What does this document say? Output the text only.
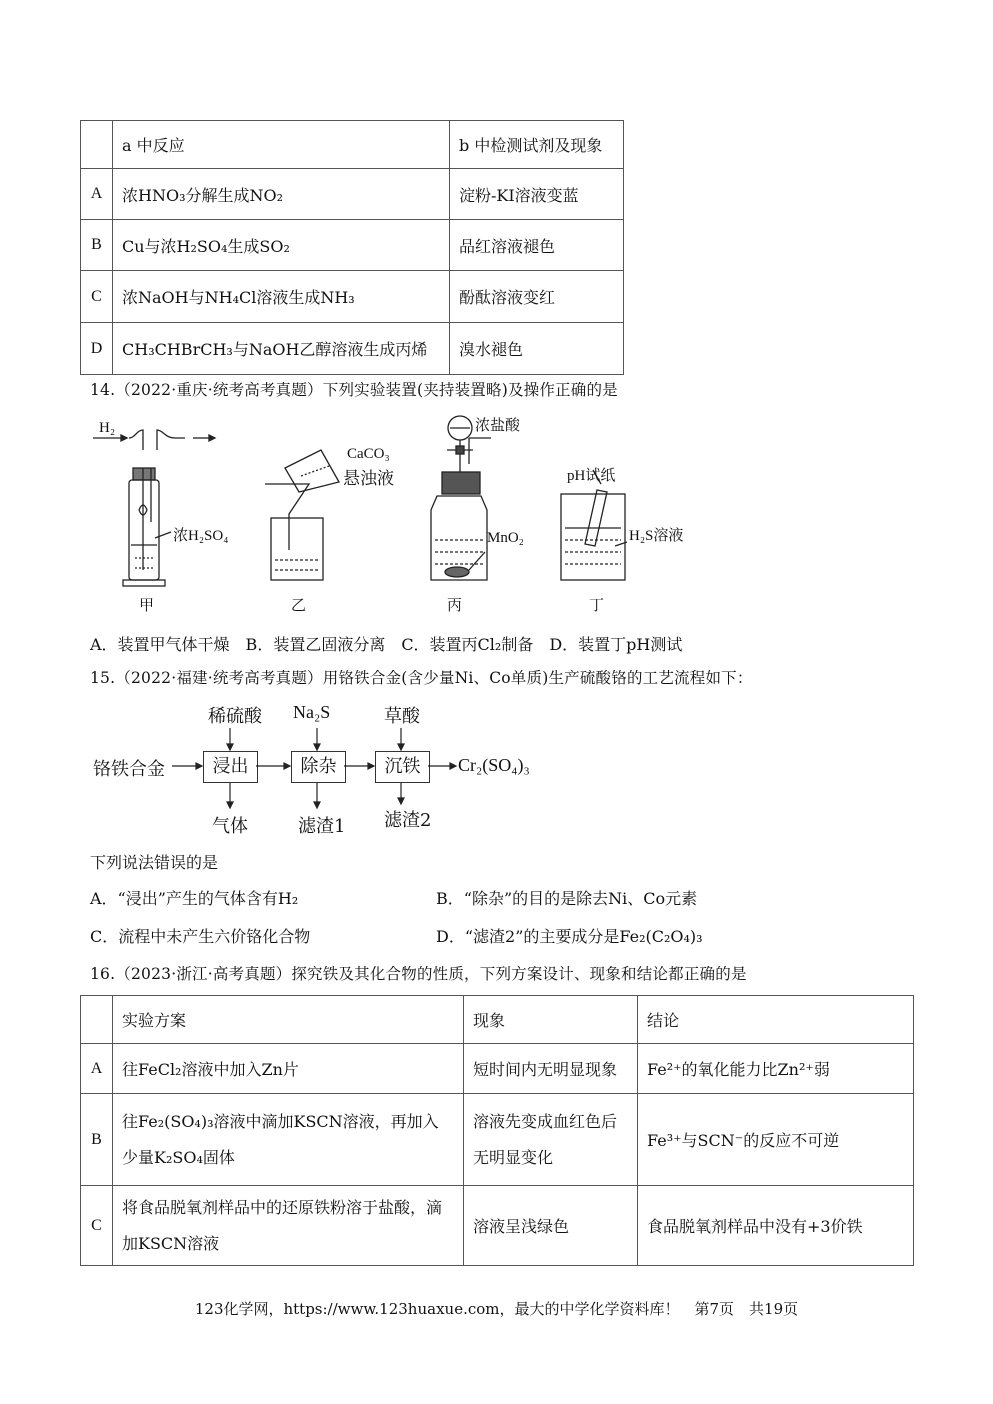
	a 中反应	b 中检测试剂及现象
A	浓HNO₃分解生成NO₂	淀粉-KI溶液变蓝
B	Cu与浓H₂SO₄生成SO₂	品红溶液褪色
C	浓NaOH与NH₄Cl溶液生成NH₃	酚酞溶液变红
D	CH₃CHBrCH₃与NaOH乙醇溶液生成丙烯	溴水褪色
14.（2022·重庆·统考高考真题）下列实验装置(夹持装置略)及操作正确的是
H₂
浓H₂SO₄
CaCO₃
悬浊液
浓盐酸
MnO₂
pH试纸
H₂S溶液
甲	乙	丙	丁
A．装置甲气体干燥　B．装置乙固液分离　C．装置丙Cl₂制备　D．装置丁pH测试
15.（2022·福建·统考高考真题）用铬铁合金(含少量Ni、Co单质)生产硫酸铬的工艺流程如下：
稀硫酸 Na₂S	草酸
铬铁合金	浸出	除杂	沉铁	Cr₂(SO₄)₃
气体	滤渣1 滤渣2
下列说法错误的是
A．“浸出”产生的气体含有H₂	B．“除杂”的目的是除去Ni、Co元素
C．流程中未产生六价铬化合物	D．“滤渣2”的主要成分是Fe₂(C₂O₄)₃
16.（2023·浙江·高考真题）探究铁及其化合物的性质，下列方案设计、现象和结论都正确的是
	实验方案	现象	结论
A	往FeCl₂溶液中加入Zn片	短时间内无明显现象	Fe²⁺的氧化能力比Zn²⁺弱
B	往Fe₂(SO₄)₃溶液中滴加KSCN溶液，再加入少量K₂SO₄固体	溶液先变成血红色后无明显变化	Fe³⁺与SCN⁻的反应不可逆
C	将食品脱氧剂样品中的还原铁粉溶于盐酸，滴加KSCN溶液	溶液呈浅绿色	食品脱氧剂样品中没有+3价铁
123化学网，https://www.123huaxue.com，最大的中学化学资料库！　第7页　共19页
